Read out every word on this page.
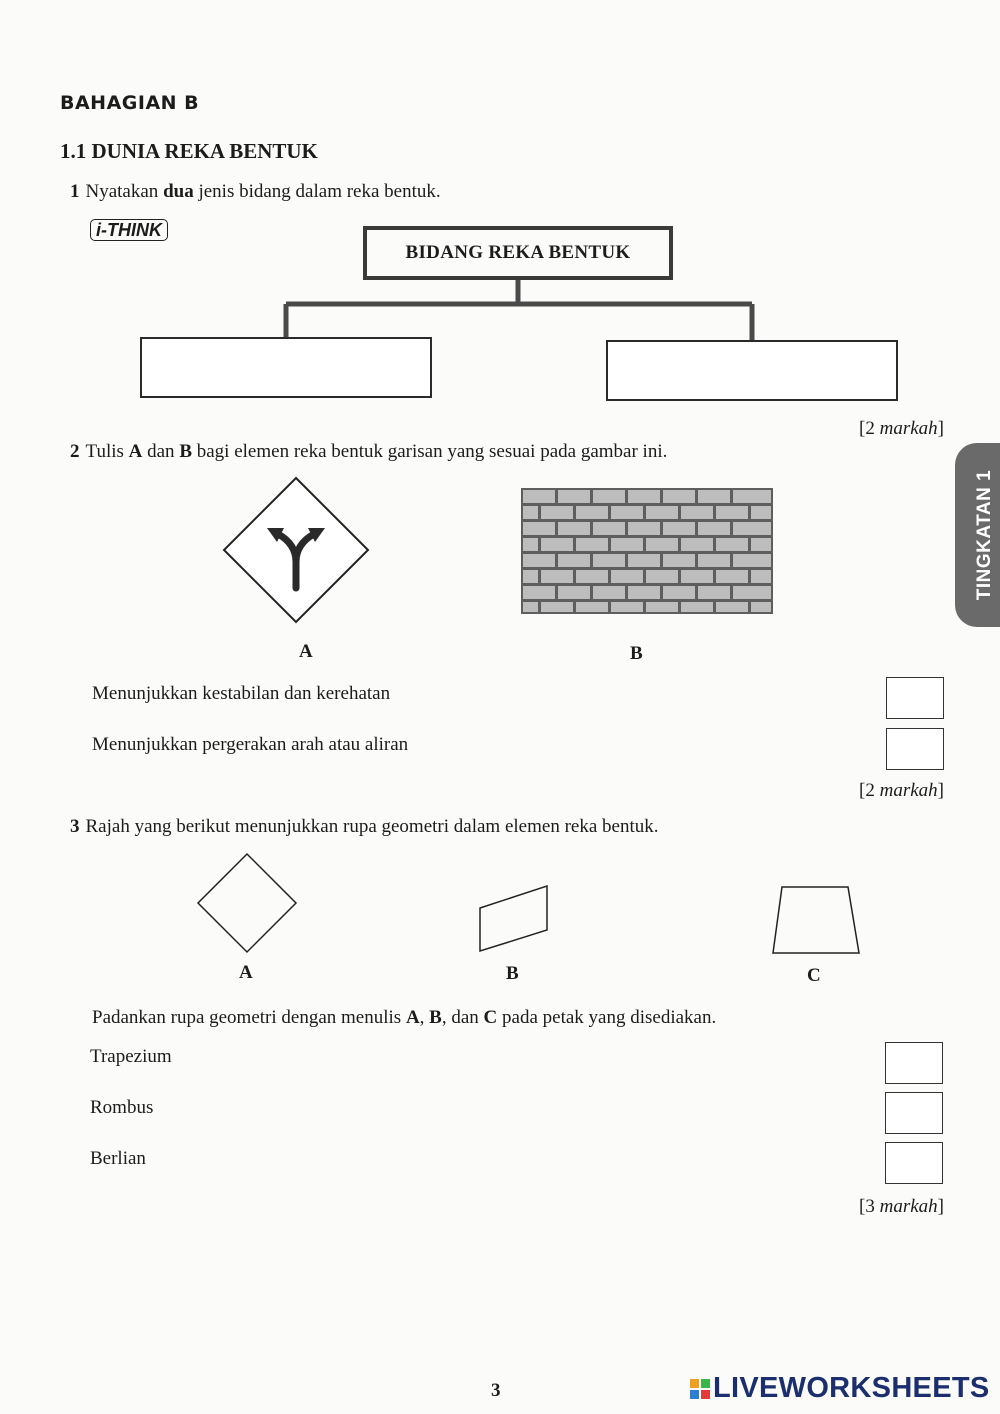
BAHAGIAN B
1.1 DUNIA REKA BENTUK
1 Nyatakan dua jenis bidang dalam reka bentuk.
i-THINK
BIDANG REKA BENTUK
[2 markah]
2 Tulis A dan B bagi elemen reka bentuk garisan yang sesuai pada gambar ini.
A	B
Menunjukkan kestabilan dan kerehatan
Menunjukkan pergerakan arah atau aliran
[2 markah]
3 Rajah yang berikut menunjukkan rupa geometri dalam elemen reka bentuk.
A	B	C
Padankan rupa geometri dengan menulis A, B, dan C pada petak yang disediakan.
Trapezium
Rombus
Berlian
[3 markah]
TINGKATAN 1
3	LIVEWORKSHEETS
